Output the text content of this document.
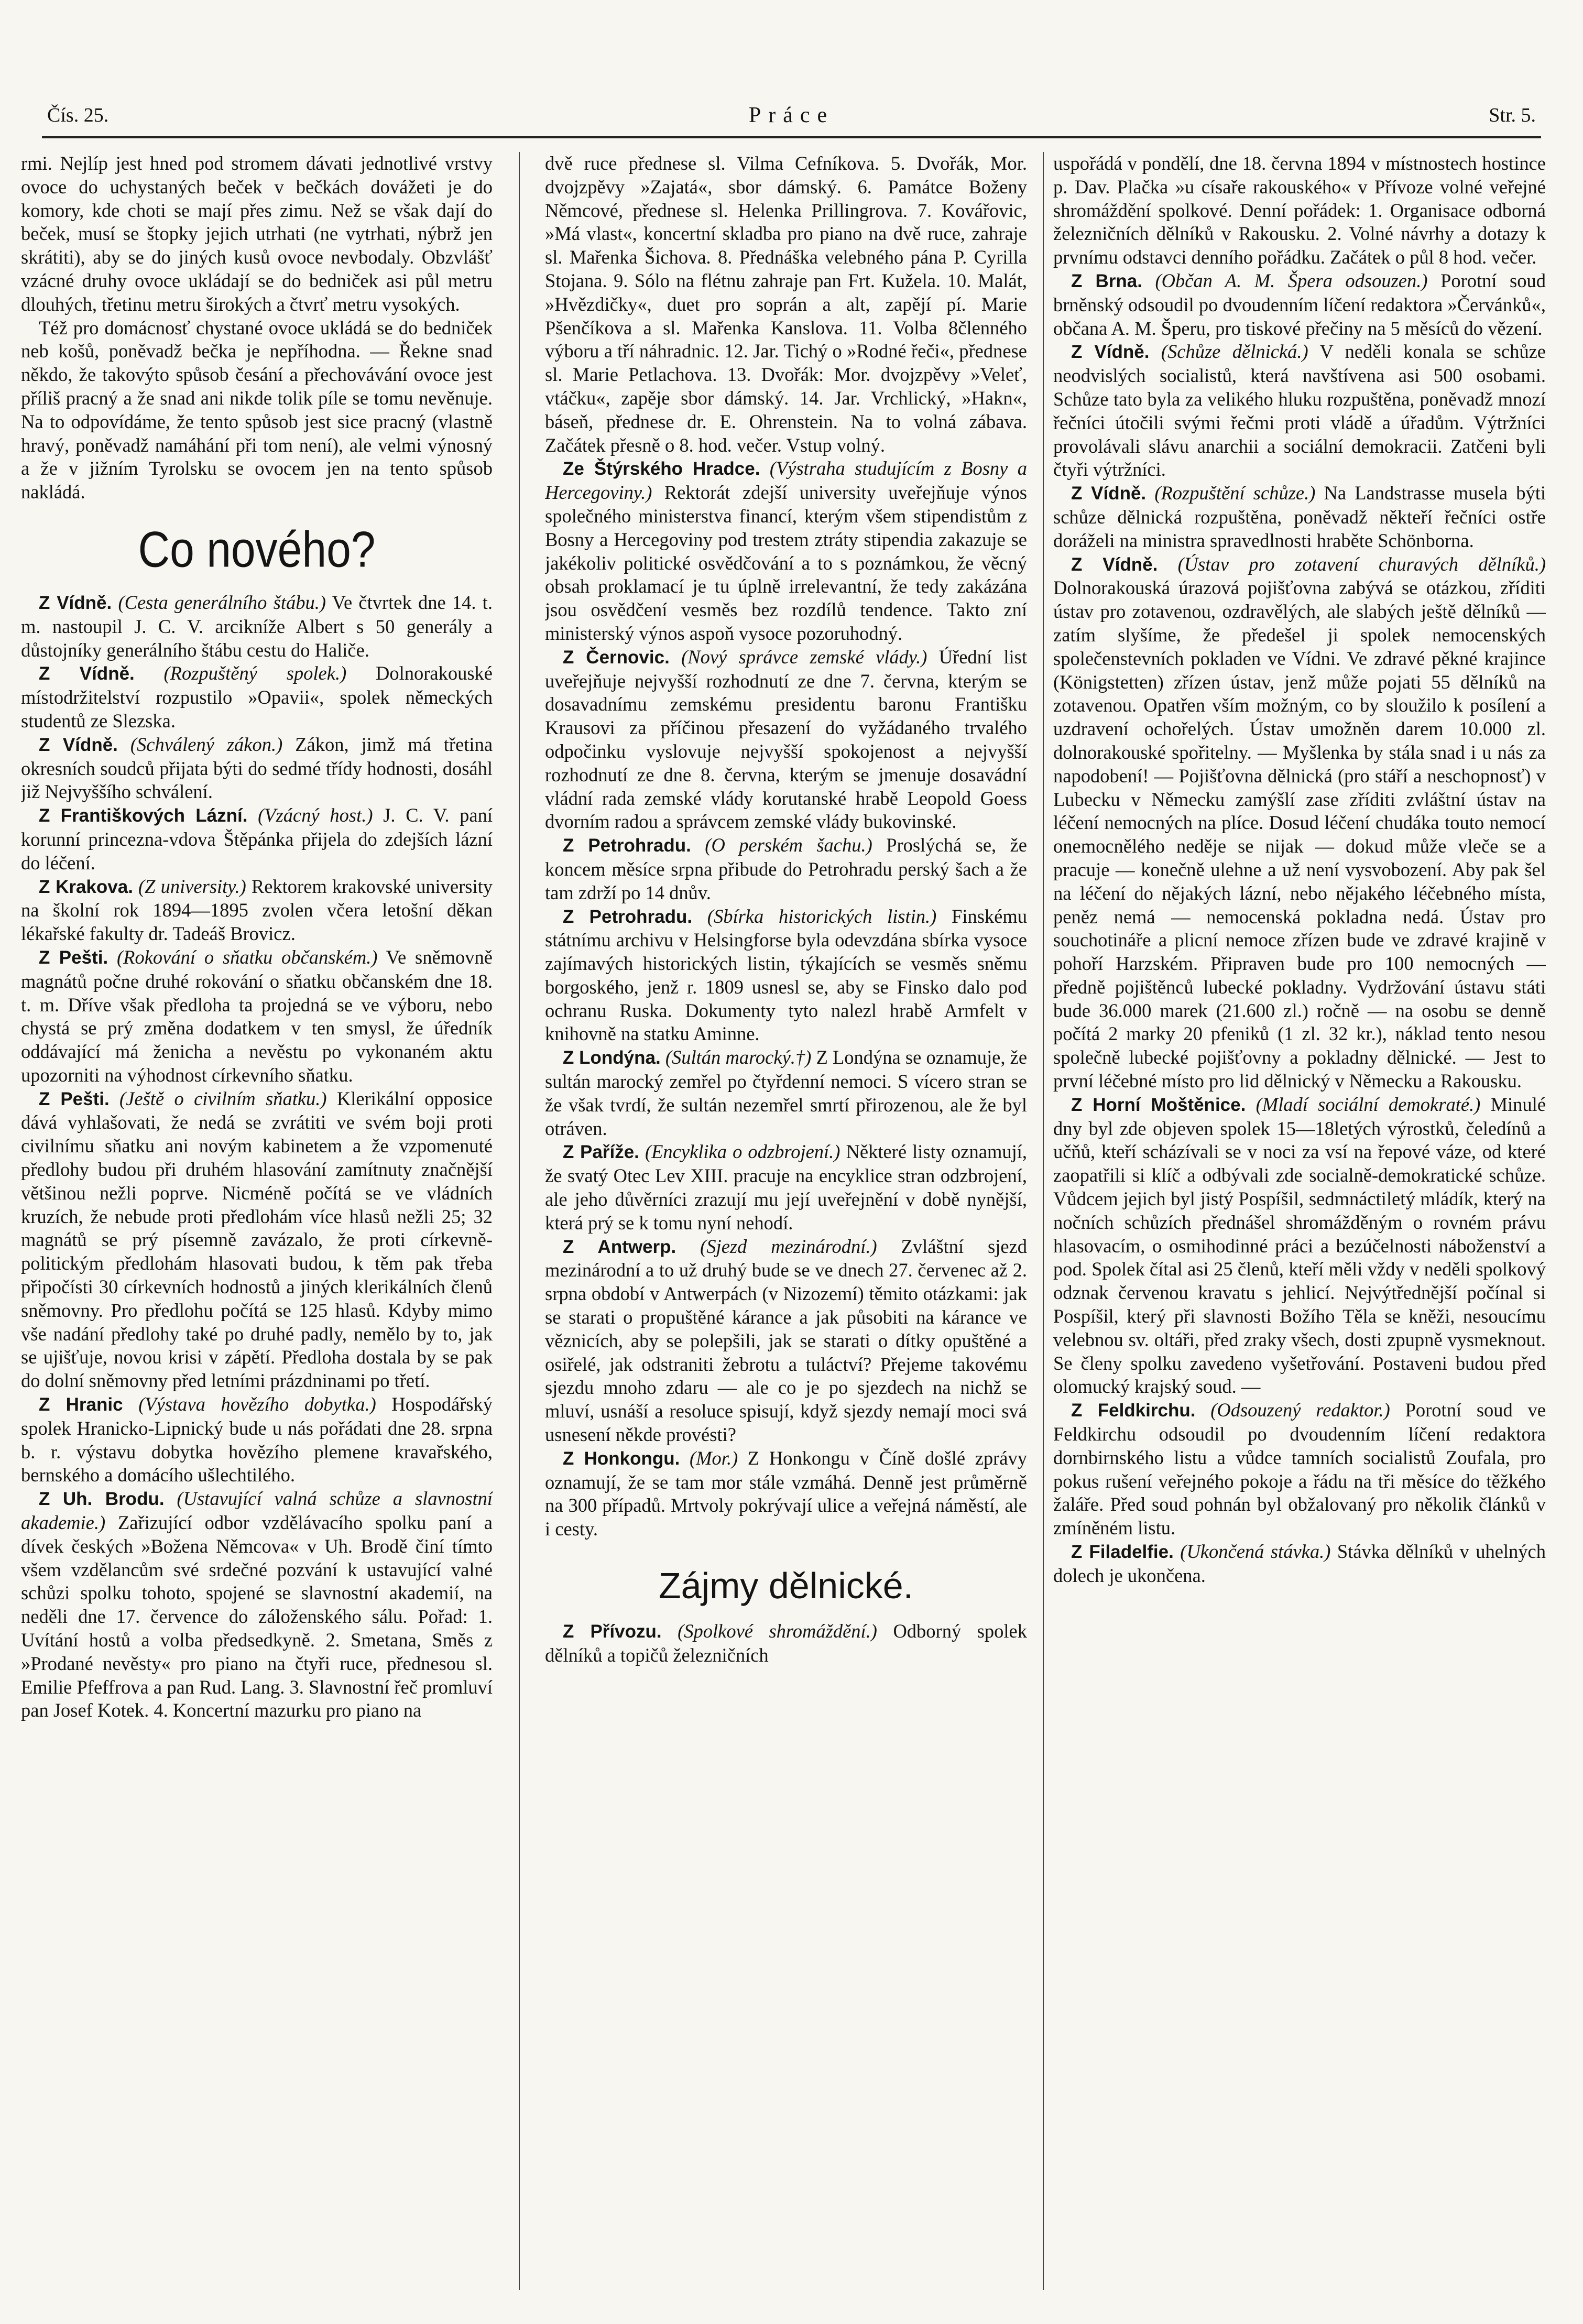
Čís. 25.	Práce	Str. 5.

rmi. Nejlíp jest hned pod stromem dávati jednotlivé vrstvy ovoce do uchystaných beček v bečkách dovážeti je do komory, kde choti se mají přes zimu. Než se však dají do beček, musí se štopky jejich utrhati (ne vytrhati, nýbrž jen skrátiti), aby se do jiných kusů ovoce nevbodaly. Obzvlášť vzácné druhy ovoce ukládají se do bedniček asi půl metru dlouhých, třetinu metru širokých a čtvrť metru vysokých.

Též pro domácnosť chystané ovoce ukládá se do bedniček neb košů, poněvadž bečka je nepříhodna. — Řekne snad někdo, že takovýto spůsob česání a přechovávání ovoce jest příliš pracný a že snad ani nikde tolik píle se tomu nevěnuje. Na to odpovídáme, že tento spůsob jest sice pracný (vlastně hravý, poněvadž namáhání při tom není), ale velmi výnosný a že v jižním Tyrolsku se ovocem jen na tento spůsob nakládá.

Co nového?

Z Vídně. (Cesta generálního štábu.) Ve čtvrtek dne 14. t. m. nastoupil J. C. V. arcikníže Albert s 50 generály a důstojníky generálního štábu cestu do Haliče.

Z Vídně. (Rozpuštěný spolek.) Dolnorakouské místodržitelství rozpustilo »Opavii«, spolek německých studentů ze Slezska.

Z Vídně. (Schválený zákon.) Zákon, jimž má třetina okresních soudců přijata býti do sedmé třídy hodnosti, dosáhl již Nejvyššího schválení.

Z Františkových Lázní. (Vzácný host.) J. C. V. paní korunní princezna-vdova Štěpánka přijela do zdejších lázní do léčení.

Z Krakova. (Z university.) Rektorem krakovské university na školní rok 1894—1895 zvolen včera letošní děkan lékařské fakulty dr. Tadeáš Brovicz.

Z Pešti. (Rokování o sňatku občanském.) Ve sněmovně magnátů počne druhé rokování o sňatku občanském dne 18. t. m. Dříve však předloha ta projedná se ve výboru, nebo chystá se prý změna dodatkem v ten smysl, že úředník oddávající má ženicha a nevěstu po vykonaném aktu upozorniti na výhodnost církevního sňatku.

Z Pešti. (Ještě o civilním sňatku.) Klerikální opposice dává vyhlašovati, že nedá se zvrátiti ve svém boji proti civilnímu sňatku ani novým kabinetem a že vzpomenuté předlohy budou při druhém hlasování zamítnuty značnější většinou nežli poprve. Nicméně počítá se ve vládních kruzích, že nebude proti předlohám více hlasů nežli 25; 32 magnátů se prý písemně zavázalo, že proti církevně-politickým předlohám hlasovati budou, k těm pak třeba připočísti 30 církevních hodnostů a jiných klerikálních členů sněmovny. Pro předlohu počítá se 125 hlasů. Kdyby mimo vše nadání předlohy také po druhé padly, nemělo by to, jak se ujišťuje, novou krisi v zápětí. Předloha dostala by se pak do dolní sněmovny před letními prázdninami po třetí.

Z Hranic (Výstava hovězího dobytka.) Hospodářský spolek Hranicko-Lipnický bude u nás pořádati dne 28. srpna b. r. výstavu dobytka hovězího plemene kravařského, bernského a domácího ušlechtilého.

Z Uh. Brodu. (Ustavující valná schůze a slavnostní akademie.) Zařizující odbor vzdělávacího spolku paní a dívek českých »Božena Němcova« v Uh. Brodě činí tímto všem vzdělancům své srdečné pozvání k ustavující valné schůzi spolku tohoto, spojené se slavnostní akademií, na neděli dne 17. července do záloženského sálu. Pořad: 1. Uvítání hostů a volba předsedkyně. 2. Smetana, Směs z »Prodané nevěsty« pro piano na čtyři ruce, přednesou sl. Emilie Pfeffrova a pan Rud. Lang. 3. Slavnostní řeč promluví pan Josef Kotek. 4. Koncertní mazurku pro piano na

dvě ruce přednese sl. Vilma Cefníkova. 5. Dvořák, Mor. dvojzpěvy »Zajatá«, sbor dámský. 6. Památce Boženy Němcové, přednese sl. Helenka Prillingrova. 7. Kovářovic, »Má vlast«, koncertní skladba pro piano na dvě ruce, zahraje sl. Mařenka Šichova. 8. Přednáška velebného pána P. Cyrilla Stojana. 9. Sólo na flétnu zahraje pan Frt. Kužela. 10. Malát, »Hvězdičky«, duet pro soprán a alt, zapějí pí. Marie Pšenčíkova a sl. Mařenka Kanslova. 11. Volba 8členného výboru a tří náhradnic. 12. Jar. Tichý o »Rodné řeči«, přednese sl. Marie Petlachova. 13. Dvořák: Mor. dvojzpěvy »Veleť, vtáčku«, zapěje sbor dámský. 14. Jar. Vrchlický, »Hakn«, báseň, přednese dr. E. Ohrenstein. Na to volná zábava. Začátek přesně o 8. hod. večer. Vstup volný.

Ze Štýrského Hradce. (Výstraha studujícím z Bosny a Hercegoviny.) Rektorát zdejší university uveřejňuje výnos společného ministerstva financí, kterým všem stipendistům z Bosny a Hercegoviny pod trestem ztráty stipendia zakazuje se jakékoliv politické osvědčování a to s poznámkou, že věcný obsah proklamací je tu úplně irrelevantní, že tedy zakázána jsou osvědčení vesměs bez rozdílů tendence. Takto zní ministerský výnos aspoň vysoce pozoruhodný.

Z Černovic. (Nový správce zemské vlády.) Úřední list uveřejňuje nejvyšší rozhodnutí ze dne 7. června, kterým se dosavadnímu zemskému presidentu baronu Františku Krausovi za příčinou přesazení do vyžádaného trvalého odpočinku vyslovuje nejvyšší spokojenost a nejvyšší rozhodnutí ze dne 8. června, kterým se jmenuje dosavádní vládní rada zemské vlády korutanské hrabě Leopold Goess dvorním radou a správcem zemské vlády bukovinské.

Z Petrohradu. (O perském šachu.) Proslýchá se, že koncem měsíce srpna přibude do Petrohradu perský šach a že tam zdrží po 14 dnův.

Z Petrohradu. (Sbírka historických listin.) Finskému státnímu archivu v Helsingforse byla odevzdána sbírka vysoce zajímavých historických listin, týkajících se vesměs sněmu borgoského, jenž r. 1809 usnesl se, aby se Finsko dalo pod ochranu Ruska. Dokumenty tyto nalezl hrabě Armfelt v knihovně na statku Aminne.

Z Londýna. (Sultán marocký.†) Z Londýna se oznamuje, že sultán marocký zemřel po čtyřdenní nemoci. S vícero stran se že však tvrdí, že sultán nezemřel smrtí přirozenou, ale že byl otráven.

Z Paříže. (Encyklika o odzbrojení.) Některé listy oznamují, že svatý Otec Lev XIII. pracuje na encyklice stran odzbrojení, ale jeho důvěrníci zrazují mu její uveřejnění v době nynější, která prý se k tomu nyní nehodí.

Z Antwerp. (Sjezd mezinárodní.) Zvláštní sjezd mezinárodní a to už druhý bude se ve dnech 27. červenec až 2. srpna období v Antwerpách (v Nizozemí) těmito otázkami: jak se starati o propuštěné kárance a jak působiti na kárance ve věznicích, aby se polepšili, jak se starati o dítky opuštěné a osiřelé, jak odstraniti žebrotu a tuláctví? Přejeme takovému sjezdu mnoho zdaru — ale co je po sjezdech na nichž se mluví, usnáší a resoluce spisují, když sjezdy nemají moci svá usnesení někde provésti?

Z Honkongu. (Mor.) Z Honkongu v Číně došlé zprávy oznamují, že se tam mor stále vzmáhá. Denně jest průměrně na 300 případů. Mrtvoly pokrývají ulice a veřejná náměstí, ale i cesty.

Zájmy dělnické.

Z Přívozu. (Spolkové shromáždění.) Odborný spolek dělníků a topičů železničních

uspořádá v pondělí, dne 18. června 1894 v místnostech hostince p. Dav. Plačka »u císaře rakouského« v Přívoze volné veřejné shromáždění spolkové. Denní pořádek: 1. Organisace odborná železničních dělníků v Rakousku. 2. Volné návrhy a dotazy k prvnímu odstavci denního pořádku. Začátek o půl 8 hod. večer.

Z Brna. (Občan A. M. Špera odsouzen.) Porotní soud brněnský odsoudil po dvoudenním líčení redaktora »Červánků«, občana A. M. Šperu, pro tiskové přečiny na 5 měsíců do vězení.

Z Vídně. (Schůze dělnická.) V neděli konala se schůze neodvislých socialistů, která navštívena asi 500 osobami. Schůze tato byla za velikého hluku rozpuštěna, poněvadž mnozí řečníci útočili svými řečmi proti vládě a úřadům. Výtržníci provolávali slávu anarchii a sociální demokracii. Zatčeni byli čtyři výtržníci.

Z Vídně. (Rozpuštění schůze.) Na Landstrasse musela býti schůze dělnická rozpuštěna, poněvadž někteří řečníci ostře doráželi na ministra spravedlnosti hraběte Schönborna.

Z Vídně. (Ústav pro zotavení churavých dělníků.) Dolnorakouská úrazová pojišťovna zabývá se otázkou, zříditi ústav pro zotavenou, ozdravělých, ale slabých ještě dělníků — zatím slyšíme, že předešel ji spolek nemocenských společenstevních pokladen ve Vídni. Ve zdravé pěkné krajince (Königstetten) zřízen ústav, jenž může pojati 55 dělníků na zotavenou. Opatřen vším možným, co by sloužilo k posílení a uzdravení ochořelých. Ústav umožněn darem 10.000 zl. dolnorakouské spořitelny. — Myšlenka by stála snad i u nás za napodobení! — Pojišťovna dělnická (pro stáří a neschopnosť) v Lubecku v Německu zamýšlí zase zříditi zvláštní ústav na léčení nemocných na plíce. Dosud léčení chudáka touto nemocí onemocnělého neděje se nijak — dokud může vleče se a pracuje — konečně ulehne a už není vysvobození. Aby pak šel na léčení do nějakých lázní, nebo nějakého léčebného místa, peněz nemá — nemocenská pokladna nedá. Ústav pro souchotináře a plicní nemoce zřízen bude ve zdravé krajině v pohoří Harzském. Připraven bude pro 100 nemocných — předně pojištěnců lubecké pokladny. Vydržování ústavu státi bude 36.000 marek (21.600 zl.) ročně — na osobu se denně počítá 2 marky 20 pfeniků (1 zl. 32 kr.), náklad tento nesou společně lubecké pojišťovny a pokladny dělnické. — Jest to první léčebné místo pro lid dělnický v Německu a Rakousku.

Z Horní Moštěnice. (Mladí sociální demokraté.) Minulé dny byl zde objeven spolek 15—18letých výrostků, čeledínů a učňů, kteří scházívali se v noci za vsí na řepové váze, od které zaopatřili si klíč a odbývali zde socialně-demokratické schůze. Vůdcem jejich byl jistý Pospíšil, sedmnáctiletý mládík, který na nočních schůzích přednášel shromážděným o rovném právu hlasovacím, o osmihodinné práci a bezúčelnosti náboženství a pod. Spolek čítal asi 25 členů, kteří měli vždy v neděli spolkový odznak červenou kravatu s jehlicí. Nejvýtřednější počínal si Pospíšil, který při slavnosti Božího Těla se kněži, nesoucímu velebnou sv. oltáři, před zraky všech, dosti zpupně vysmeknout. Se členy spolku zavedeno vyšetřování. Postaveni budou před olomucký krajský soud. —

Z Feldkirchu. (Odsouzený redaktor.) Porotní soud ve Feldkirchu odsoudil po dvoudenním líčení redaktora dornbirnského listu a vůdce tamních socialistů Zoufala, pro pokus rušení veřejného pokoje a řádu na tři měsíce do těžkého žaláře. Před soud pohnán byl obžalovaný pro několik článků v zmíněném listu.

Z Filadelfie. (Ukončená stávka.) Stávka dělníků v uhelných dolech je ukončena.
